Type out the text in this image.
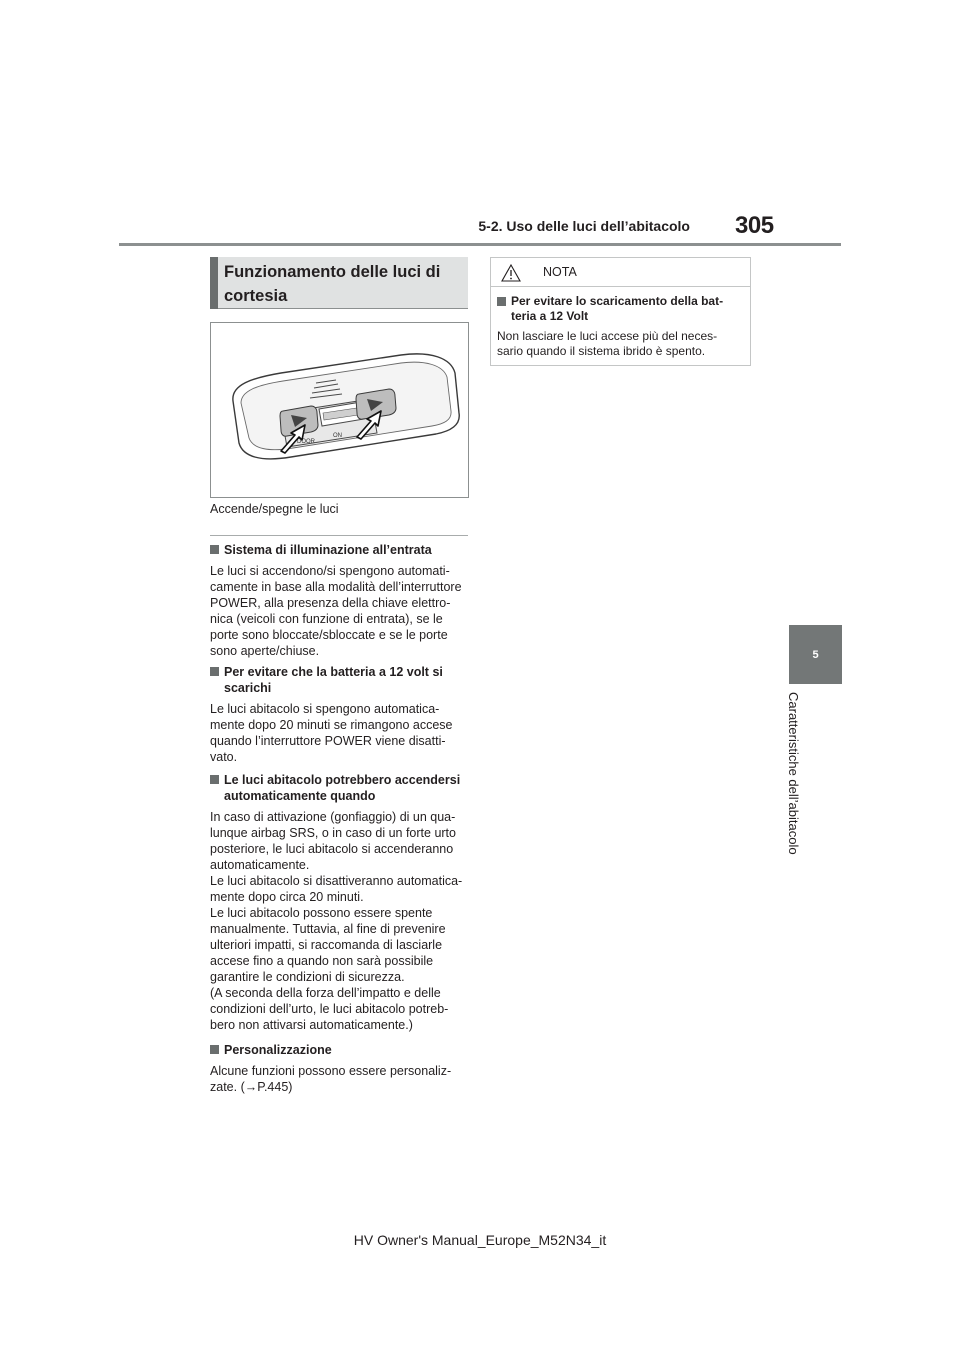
5-2. Uso delle luci dell’abitacolo 305
5
Caratteristiche dell’abitacolo
Funzionamento delle luci di cortesia
DOOR
ON
Accende/spegne le luci
Sistema di illuminazione all’entrata

Le luci si accendono/si spengono automati-

camente in base alla modalità dell’interruttore

POWER, alla presenza della chiave elettro-

nica (veicoli con funzione di entrata), se le

porte sono bloccate/sbloccate e se le porte

sono aperte/chiuse.

Per evitare che la batteria a 12 volt si scarichi

Le luci abitacolo si spengono automatica-

mente dopo 20 minuti se rimangono accese

quando l’interruttore POWER viene disatti-

vato.

Le luci abitacolo potrebbero accendersi automaticamente quando

In caso di attivazione (gonfiaggio) di un qua-

lunque airbag SRS, o in caso di un forte urto

posteriore, le luci abitacolo si accenderanno

automaticamente.

Le luci abitacolo si disattiveranno automatica-

mente dopo circa 20 minuti.

Le luci abitacolo possono essere spente

manualmente. Tuttavia, al fine di prevenire

ulteriori impatti, si raccomanda di lasciarle

accese fino a quando non sarà possibile

garantire le condizioni di sicurezza.

(A seconda della forza dell’impatto e delle

condizioni dell’urto, le luci abitacolo potreb-

bero non attivarsi automaticamente.)

Personalizzazione

Alcune funzioni possono essere personaliz-

zate. (→P.445)

NOTA
Per evitare lo scaricamento della bat-
teria a 12 Volt
Non lasciare le luci accese più del neces-
sario quando il sistema ibrido è spento.
HV Owner's Manual_Europe_M52N34_it
